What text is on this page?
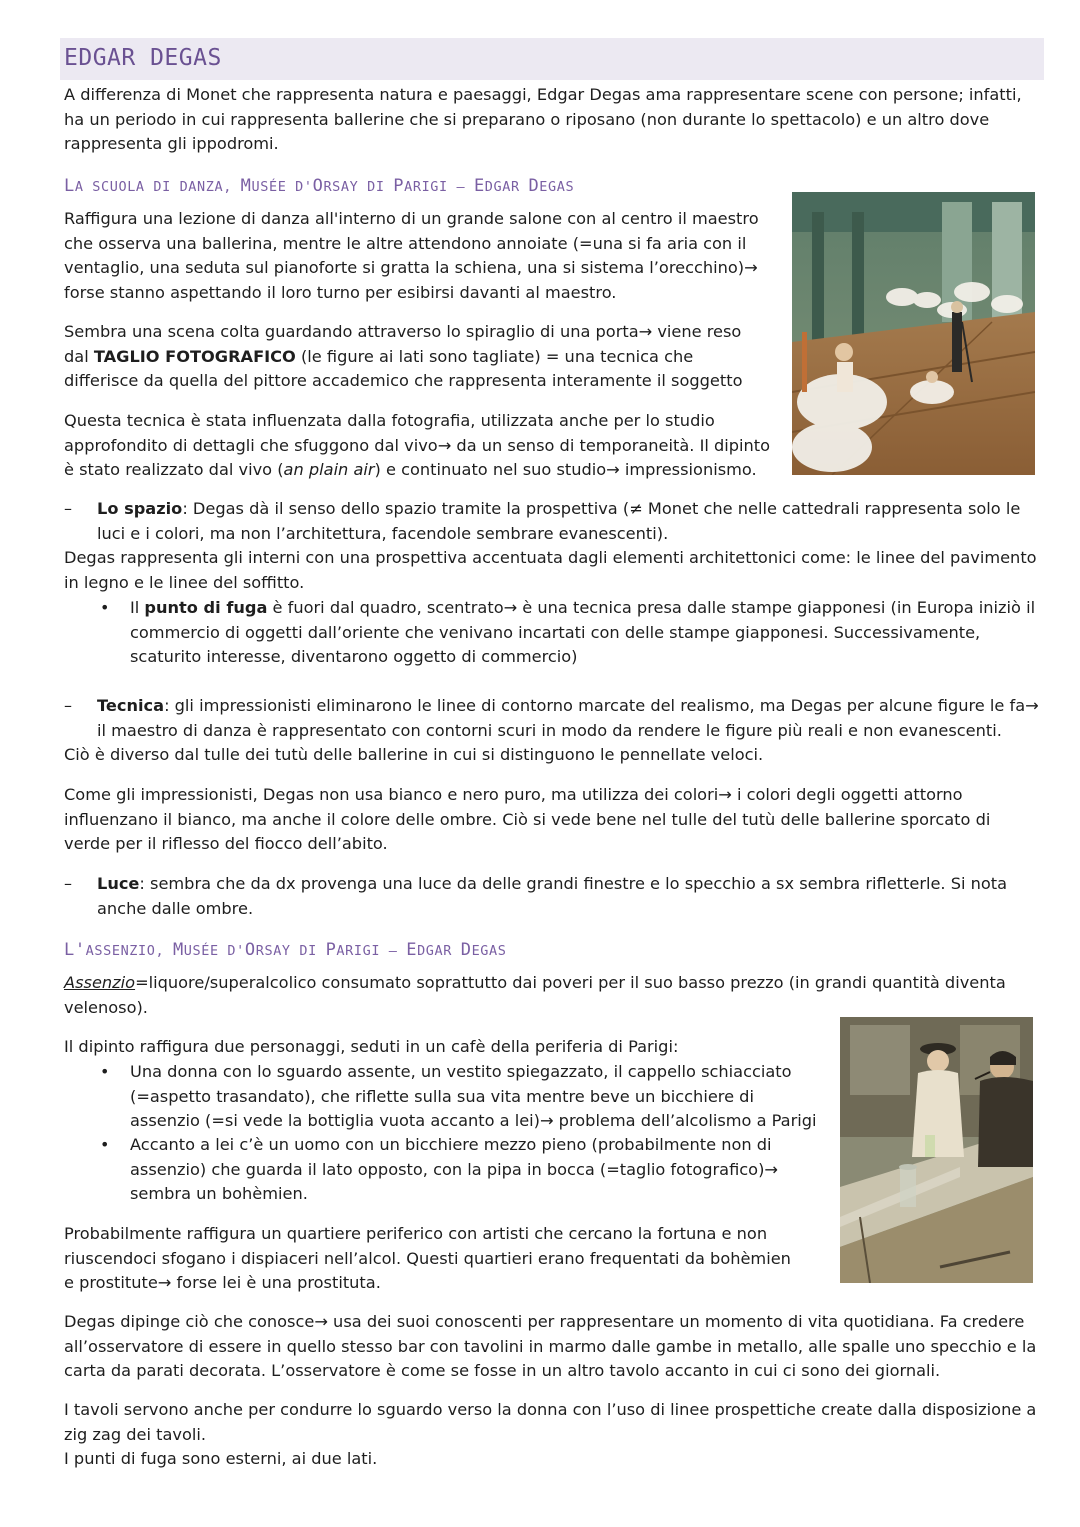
EDGAR DEGAS

A differenza di Monet che rappresenta natura e paesaggi, Edgar Degas ama rappresentare scene con persone; infatti, ha un periodo in cui rappresenta ballerine che si preparano o riposano (non durante lo spettacolo) e un altro dove rappresenta gli ippodromi.

LA SCUOLA DI DANZA, MUSÉE D'ORSAY DI PARIGI – EDGAR DEGAS

Raffigura una lezione di danza all'interno di un grande salone con al centro il maestro che osserva una ballerina, mentre le altre attendono annoiate (=una si fa aria con il ventaglio, una seduta sul pianoforte si gratta la schiena, una si sistema l’orecchino)→ forse stanno aspettando il loro turno per esibirsi davanti al maestro.

Sembra una scena colta guardando attraverso lo spiraglio di una porta→ viene reso dal TAGLIO FOTOGRAFICO (le figure ai lati sono tagliate) = una tecnica che differisce da quella del pittore accademico che rappresenta interamente il soggetto

Questa tecnica è stata influenzata dalla fotografia, utilizzata anche per lo studio approfondito di dettagli che sfuggono dal vivo→ da un senso di temporaneità. Il dipinto è stato realizzato dal vivo (an plain air) e continuato nel suo studio→ impressionismo.

– Lo spazio: Degas dà il senso dello spazio tramite la prospettiva (≠ Monet che nelle cattedrali rappresenta solo le luci e i colori, ma non l’architettura, facendole sembrare evanescenti).

Degas rappresenta gli interni con una prospettiva accentuata dagli elementi architettonici come: le linee del pavimento in legno e le linee del soffitto.

• Il punto di fuga è fuori dal quadro, scentrato→ è una tecnica presa dalle stampe giapponesi (in Europa iniziò il commercio di oggetti dall’oriente che venivano incartati con delle stampe giapponesi. Successivamente, scaturito interesse, diventarono oggetto di commercio)

– Tecnica: gli impressionisti eliminarono le linee di contorno marcate del realismo, ma Degas per alcune figure le fa→ il maestro di danza è rappresentato con contorni scuri in modo da rendere le figure più reali e non evanescenti.

Ciò è diverso dal tulle dei tutù delle ballerine in cui si distinguono le pennellate veloci.

Come gli impressionisti, Degas non usa bianco e nero puro, ma utilizza dei colori→ i colori degli oggetti attorno influenzano il bianco, ma anche il colore delle ombre. Ciò si vede bene nel tulle del tutù delle ballerine sporcato di verde per il riflesso del fiocco dell’abito.

– Luce: sembra che da dx provenga una luce da delle grandi finestre e lo specchio a sx sembra rifletterle. Si nota anche dalle ombre.

L'ASSENZIO, MUSÉE D'ORSAY DI PARIGI – EDGAR DEGAS

Assenzio=liquore/superalcolico consumato soprattutto dai poveri per il suo basso prezzo (in grandi quantità diventa velenoso).

Il dipinto raffigura due personaggi, seduti in un cafè della periferia di Parigi:

• Una donna con lo sguardo assente, un vestito spiegazzato, il cappello schiacciato (=aspetto trasandato), che riflette sulla sua vita mentre beve un bicchiere di assenzio (=si vede la bottiglia vuota accanto a lei)→ problema dell’alcolismo a Parigi

• Accanto a lei c’è un uomo con un bicchiere mezzo pieno (probabilmente non di assenzio) che guarda il lato opposto, con la pipa in bocca (=taglio fotografico)→ sembra un bohèmien.

Probabilmente raffigura un quartiere periferico con artisti che cercano la fortuna e non riuscendoci sfogano i dispiaceri nell’alcol. Questi quartieri erano frequentati da bohèmien e prostitute→ forse lei è una prostituta.

Degas dipinge ciò che conosce→ usa dei suoi conoscenti per rappresentare un momento di vita quotidiana. Fa credere all’osservatore di essere in quello stesso bar con tavolini in marmo dalle gambe in metallo, alle spalle uno specchio e la carta da parati decorata. L’osservatore è come se fosse in un altro tavolo accanto in cui ci sono dei giornali.

I tavoli servono anche per condurre lo sguardo verso la donna con l’uso di linee prospettiche create dalla disposizione a zig zag dei tavoli.

I punti di fuga sono esterni, ai due lati.
